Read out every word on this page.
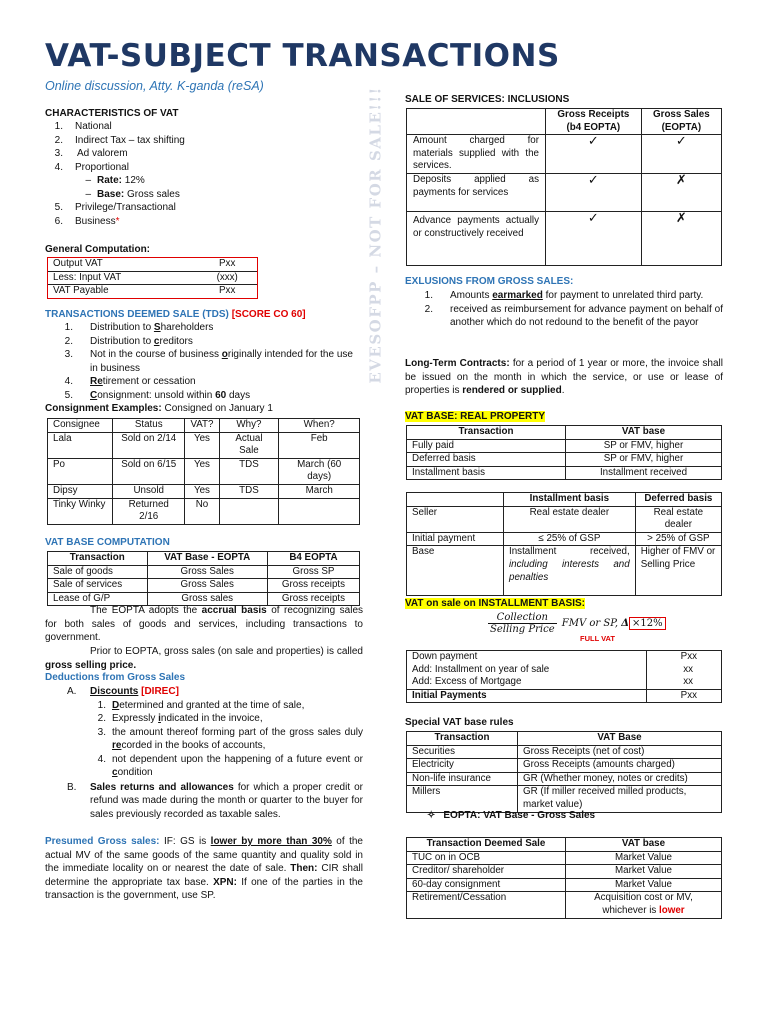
VAT-SUBJECT TRANSACTIONS
Online discussion, Atty. K-ganda (reSA)	EVESOFPP – NOT FOR SALE!!!
CHARACTERISTICS OF VAT
1. National
2. Indirect Tax – tax shifting
3. Ad valorem
4. Proportional
– Rate: 12%
– Base: Gross sales
5. Privilege/Transactional
6. Business*
General Computation:
Output VAT	Pxx
Less: Input VAT	(xxx)
VAT Payable	Pxx
TRANSACTIONS DEEMED SALE (TDS) [SCORE CO 60]
1. Distribution to Shareholders
2. Distribution to creditors
3. Not in the course of business originally intended for the use in business
4. Retirement or cessation
5. Consignment: unsold within 60 days
Consignment Examples: Consigned on January 1
Consignee	Status	VAT?	Why?	When?
Lala	Sold on 2/14	Yes	Actual Sale	Feb
Po	Sold on 6/15	Yes	TDS	March (60 days)
Dipsy	Unsold	Yes	TDS	March
Tinky Winky	Returned 2/16	No		
VAT BASE COMPUTATION
Transaction	VAT Base - EOPTA	B4 EOPTA
Sale of goods	Gross Sales	Gross SP
Sale of services	Gross Sales	Gross receipts
Lease of G/P	Gross sales	Gross receipts
The EOPTA adopts the accrual basis of recognizing sales for both sales of goods and services, including transactions to government.
Prior to EOPTA, gross sales (on sale and properties) is called gross selling price.
Deductions from Gross Sales
A. Discounts [DIREC]
1. Determined and granted at the time of sale,
2. Expressly indicated in the invoice,
3. the amount thereof forming part of the gross sales duly recorded in the books of accounts,
4. not dependent upon the happening of a future event or condition
B. Sales returns and allowances for which a proper credit or refund was made during the month or quarter to the buyer for sales previously recorded as taxable sales.
Presumed Gross sales: IF: GS is lower by more than 30% of the actual MV of the same goods of the same quantity and quality sold in the immediate locality on or nearest the date of sale. Then: CIR shall determine the appropriate tax base. XPN: If one of the parties in the transaction is the government, use SP.
SALE OF SERVICES: INCLUSIONS
	Gross Receipts (b4 EOPTA)	Gross Sales (EOPTA)
Amount charged for materials supplied with the services.	✓	✓
Deposits applied as payments for services	✓	✗
Advance payments actually or constructively received	✓	✗
EXLUSIONS FROM GROSS SALES:
1. Amounts earmarked for payment to unrelated third party.
2. received as reimbursement for advance payment on behalf of another which do not redound to the benefit of the payor
Long-Term Contracts: for a period of 1 year or more, the invoice shall be issued on the month in which the service, or use or lease of properties is rendered or supplied.
VAT BASE: REAL PROPERTY
Transaction	VAT base
Fully paid	SP or FMV, higher
Deferred basis	SP or FMV, higher
Installment basis	Installment received
	Installment basis	Deferred basis
Seller	Real estate dealer	Real estate dealer
Initial payment	≤ 25% of GSP	> 25% of GSP
Base	Installment received, including interests and penalties	Higher of FMV or Selling Price
VAT on sale on INSTALLMENT BASIS:
Collection
Selling Price
FMV or SP, Δ ×12%
FULL VAT
Down payment	Pxx
Add: Installment on year of sale	xx
Add: Excess of Mortgage	xx
Initial Payments	Pxx
Special VAT base rules
Transaction	VAT Base
Securities	Gross Receipts (net of cost)
Electricity	Gross Receipts (amounts charged)
Non-life insurance	GR (Whether money, notes or credits)
Millers	GR (If miller received milled products, market value)
✧ EOPTA: VAT Base - Gross Sales
Transaction Deemed Sale	VAT base
TUC on in OCB	Market Value
Creditor/ shareholder	Market Value
60-day consignment	Market Value
Retirement/Cessation	Acquisition cost or MV, whichever is lower
